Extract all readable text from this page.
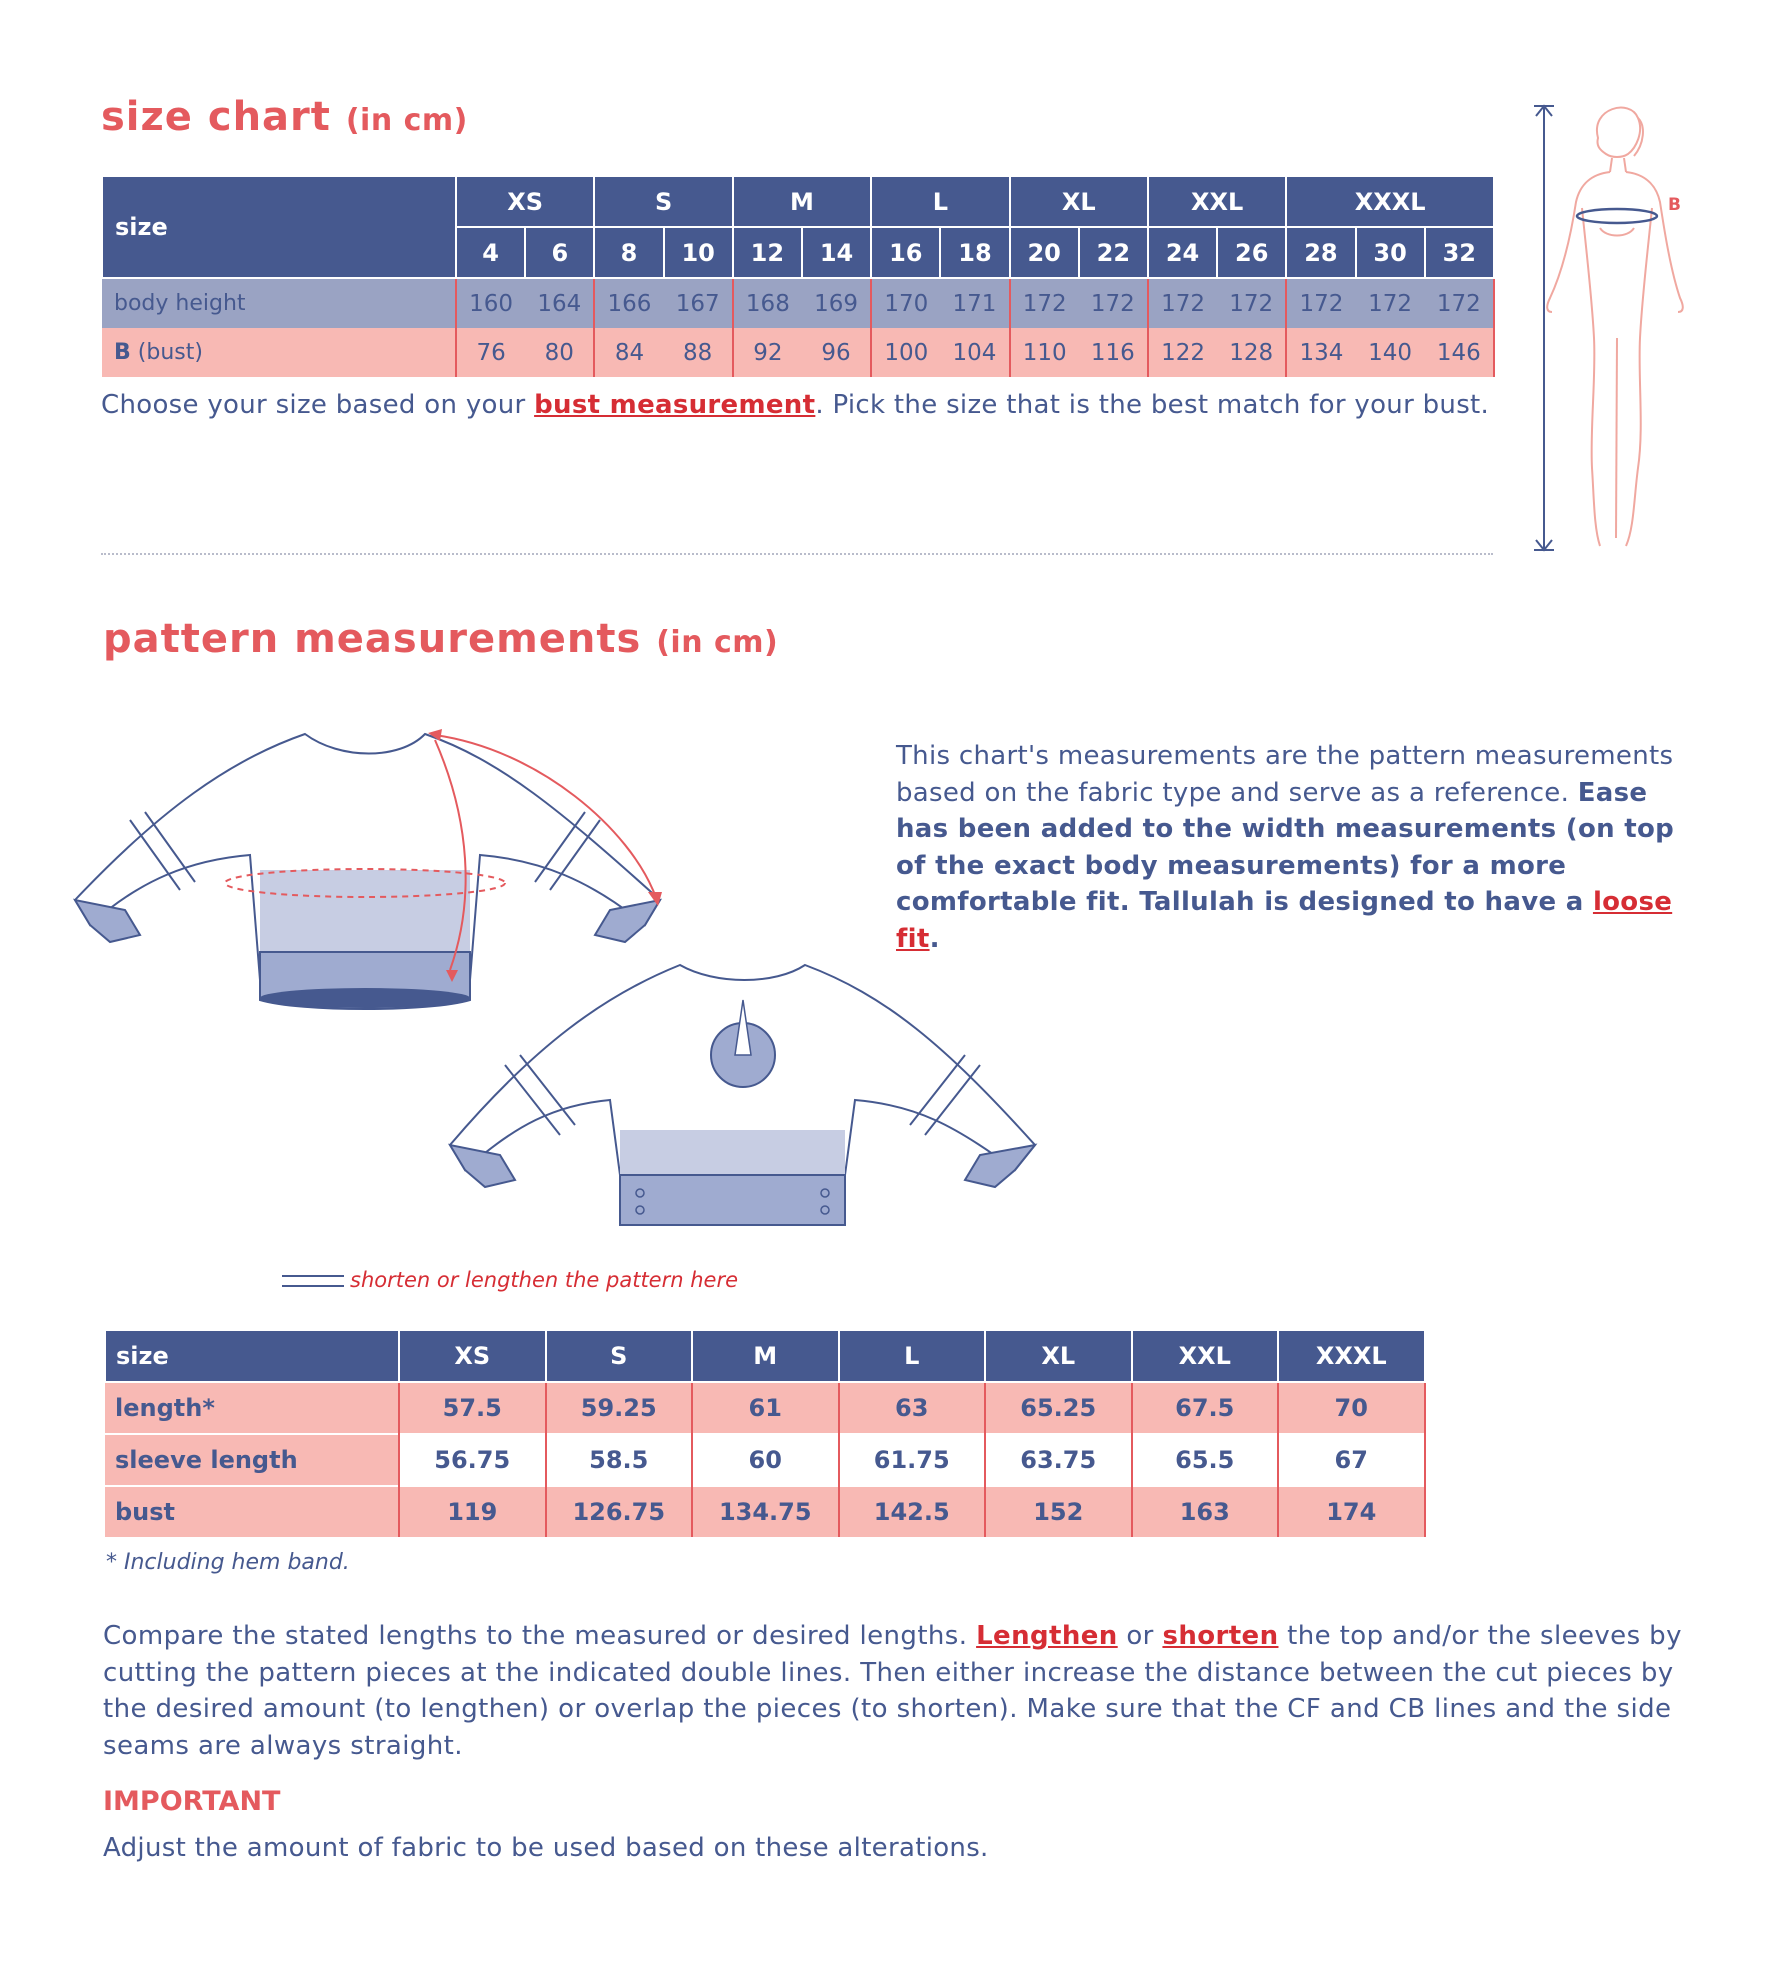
size chart (in cm)
size	XS		S		M		L		XL		XXL		XXXL		
	4	6	8	10	12	14	16	18	20	22	24	26	28	30	32
body height	160	164	166	167	168	169	170	171	172	172	172	172	172	172	172
B (bust)	76	80	84	88	92	96	100	104	110	116	122	128	134	140	146
Choose your size based on your bust measurement. Pick the size that is the best match for your bust.
B
pattern measurements (in cm)
This chart's measurements are the pattern measurements based on the fabric type and serve as a reference. Ease has been added to the width measurements (on top of the exact body measurements) for a more comfortable fit. Tallulah is designed to have a loose fit.
shorten or lengthen the pattern here
size	XS	S	M	L	XL	XXL	XXXL
length*	57.5	59.25	61	63	65.25	67.5	70
sleeve length	56.75	58.5	60	61.75	63.75	65.5	67
bust	119	126.75	134.75	142.5	152	163	174
* Including hem band.
Compare the stated lengths to the measured or desired lengths. Lengthen or shorten the top and/or the sleeves by cutting the pattern pieces at the indicated double lines. Then either increase the distance between the cut pieces by the desired amount (to lengthen) or overlap the pieces (to shorten). Make sure that the CF and CB lines and the side seams are always straight.
IMPORTANT
Adjust the amount of fabric to be used based on these alterations.
